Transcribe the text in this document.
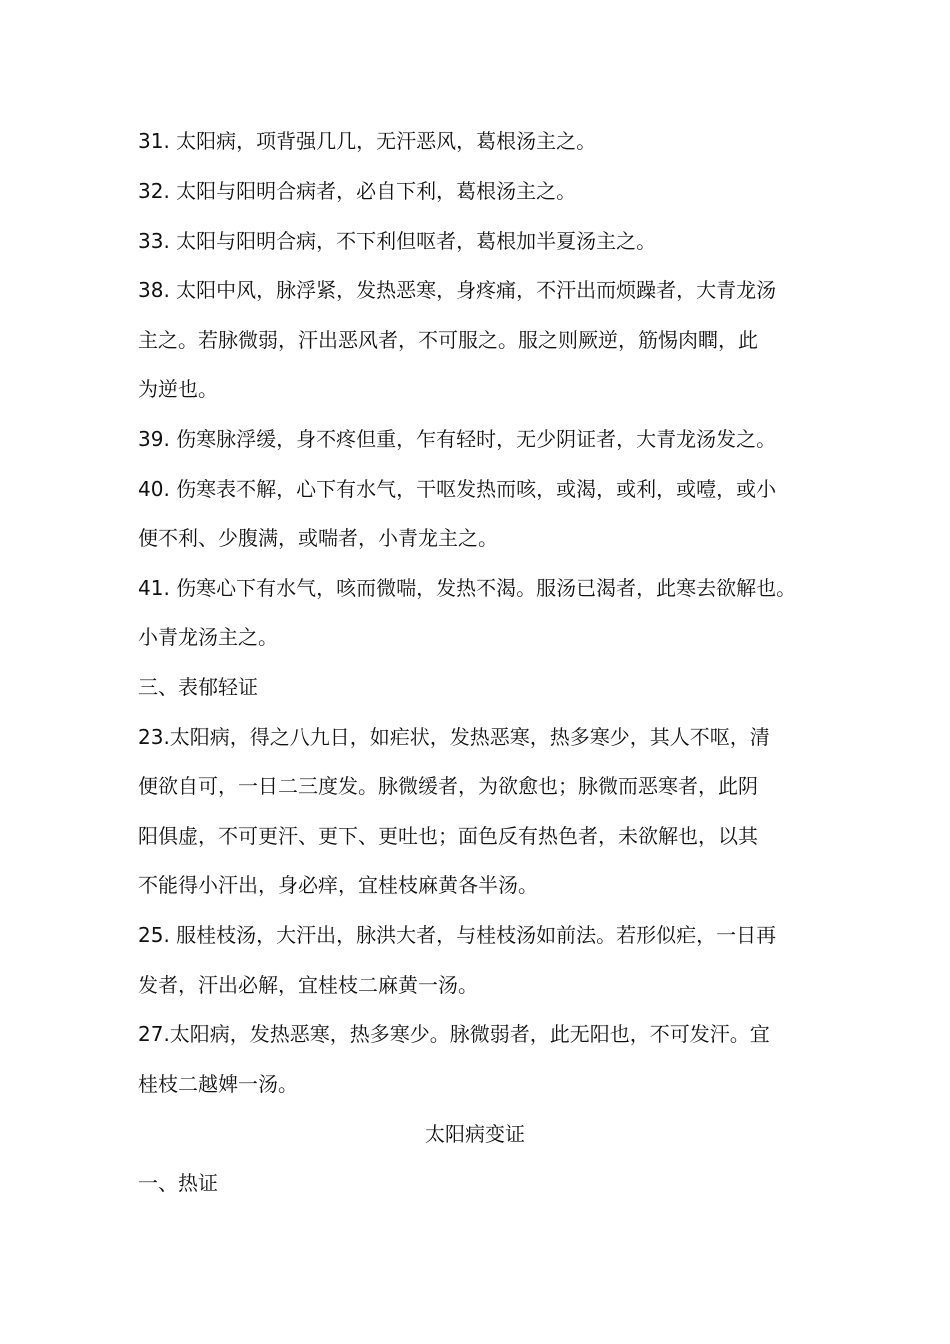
31. 太阳病，项背强几几，无汗恶风，葛根汤主之。
32. 太阳与阳明合病者，必自下利，葛根汤主之。
33. 太阳与阳明合病，不下利但呕者，葛根加半夏汤主之。
38. 太阳中风，脉浮紧，发热恶寒，身疼痛，不汗出而烦躁者，大青龙汤
主之。若脉微弱，汗出恶风者，不可服之。服之则厥逆，筋惕肉瞤，此
为逆也。
39. 伤寒脉浮缓，身不疼但重，乍有轻时，无少阴证者，大青龙汤发之。
40. 伤寒表不解，心下有水气，干呕发热而咳，或渴，或利，或噎，或小
便不利、少腹满，或喘者，小青龙主之。
41. 伤寒心下有水气，咳而微喘，发热不渴。服汤已渴者，此寒去欲解也。
小青龙汤主之。
三、表郁轻证
23.太阳病，得之八九日，如疟状，发热恶寒，热多寒少，其人不呕，清
便欲自可，一日二三度发。脉微缓者，为欲愈也；脉微而恶寒者，此阴
阳俱虚，不可更汗、更下、更吐也；面色反有热色者，未欲解也，以其
不能得小汗出，身必痒，宜桂枝麻黄各半汤。
25. 服桂枝汤，大汗出，脉洪大者，与桂枝汤如前法。若形似疟，一日再
发者，汗出必解，宜桂枝二麻黄一汤。
27.太阳病，发热恶寒，热多寒少。脉微弱者，此无阳也，不可发汗。宜
桂枝二越婢一汤。
太阳病变证
一、热证
